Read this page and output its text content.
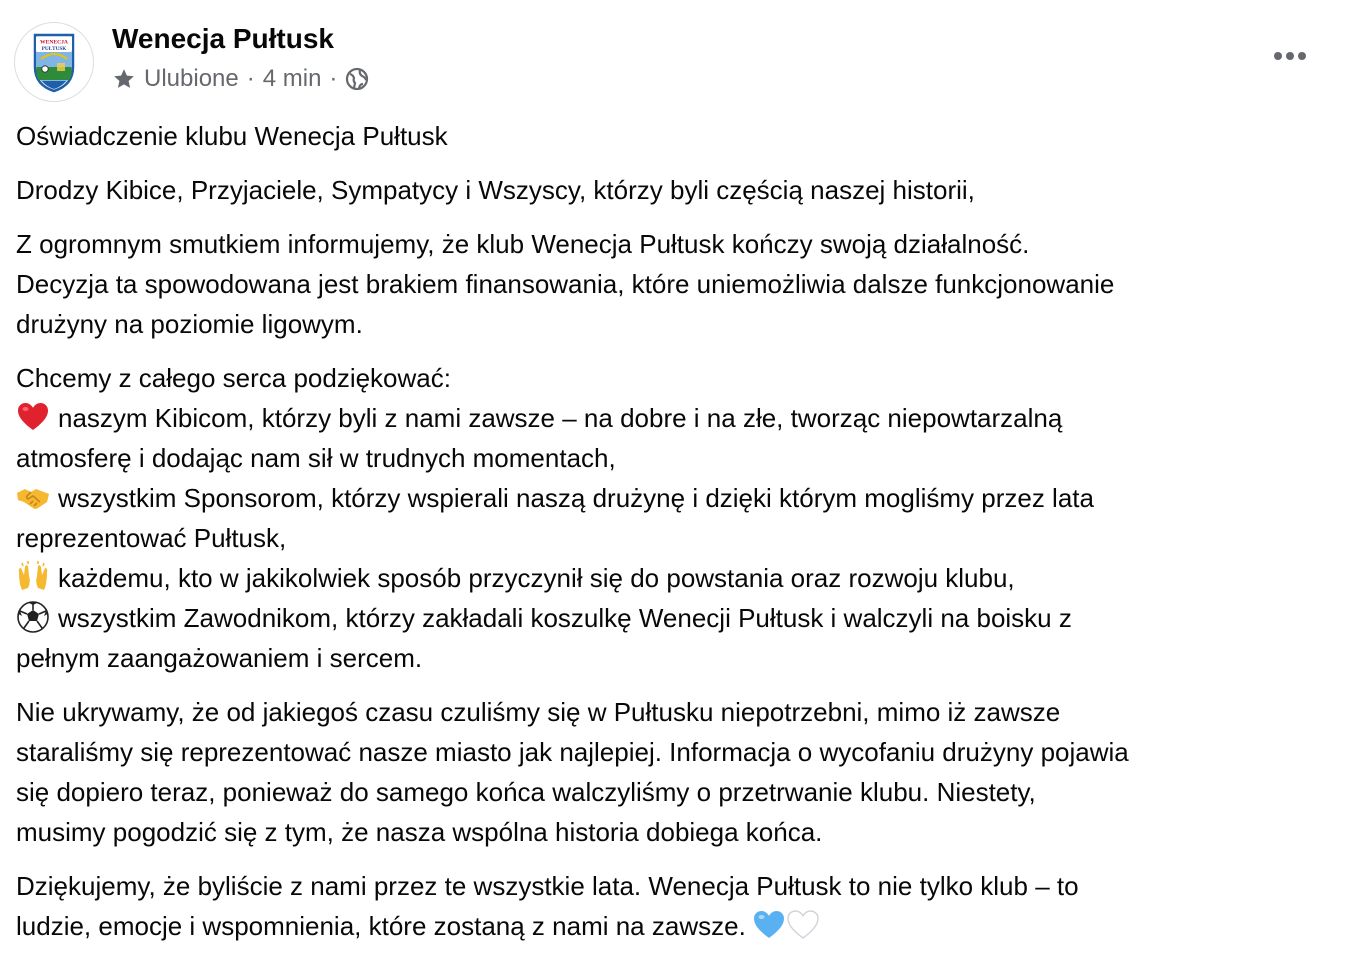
WENECJA
PUŁTUSK Wenecja Pułtusk
Ulubione · 4 min ·

Oświadczenie klubu Wenecja Pułtusk

Drodzy Kibice, Przyjaciele, Sympatycy i Wszyscy, którzy byli częścią naszej historii,

Z ogromnym smutkiem informujemy, że klub Wenecja Pułtusk kończy swoją działalność.
Decyzja ta spowodowana jest brakiem finansowania, które uniemożliwia dalsze funkcjonowanie
drużyny na poziomie ligowym.

Chcemy z całego serca podziękować:
naszym Kibicom, którzy byli z nami zawsze – na dobre i na złe, tworząc niepowtarzalną
atmosferę i dodając nam sił w trudnych momentach,
wszystkim Sponsorom, którzy wspierali naszą drużynę i dzięki którym mogliśmy przez lata
reprezentować Pułtusk,
każdemu, kto w jakikolwiek sposób przyczynił się do powstania oraz rozwoju klubu,
wszystkim Zawodnikom, którzy zakładali koszulkę Wenecji Pułtusk i walczyli na boisku z
pełnym zaangażowaniem i sercem.

Nie ukrywamy, że od jakiegoś czasu czuliśmy się w Pułtusku niepotrzebni, mimo iż zawsze
staraliśmy się reprezentować nasze miasto jak najlepiej. Informacja o wycofaniu drużyny pojawia
się dopiero teraz, ponieważ do samego końca walczyliśmy o przetrwanie klubu. Niestety,
musimy pogodzić się z tym, że nasza wspólna historia dobiega końca.

Dziękujemy, że byliście z nami przez te wszystkie lata. Wenecja Pułtusk to nie tylko klub – to
ludzie, emocje i wspomnienia, które zostaną z nami na zawsze.
